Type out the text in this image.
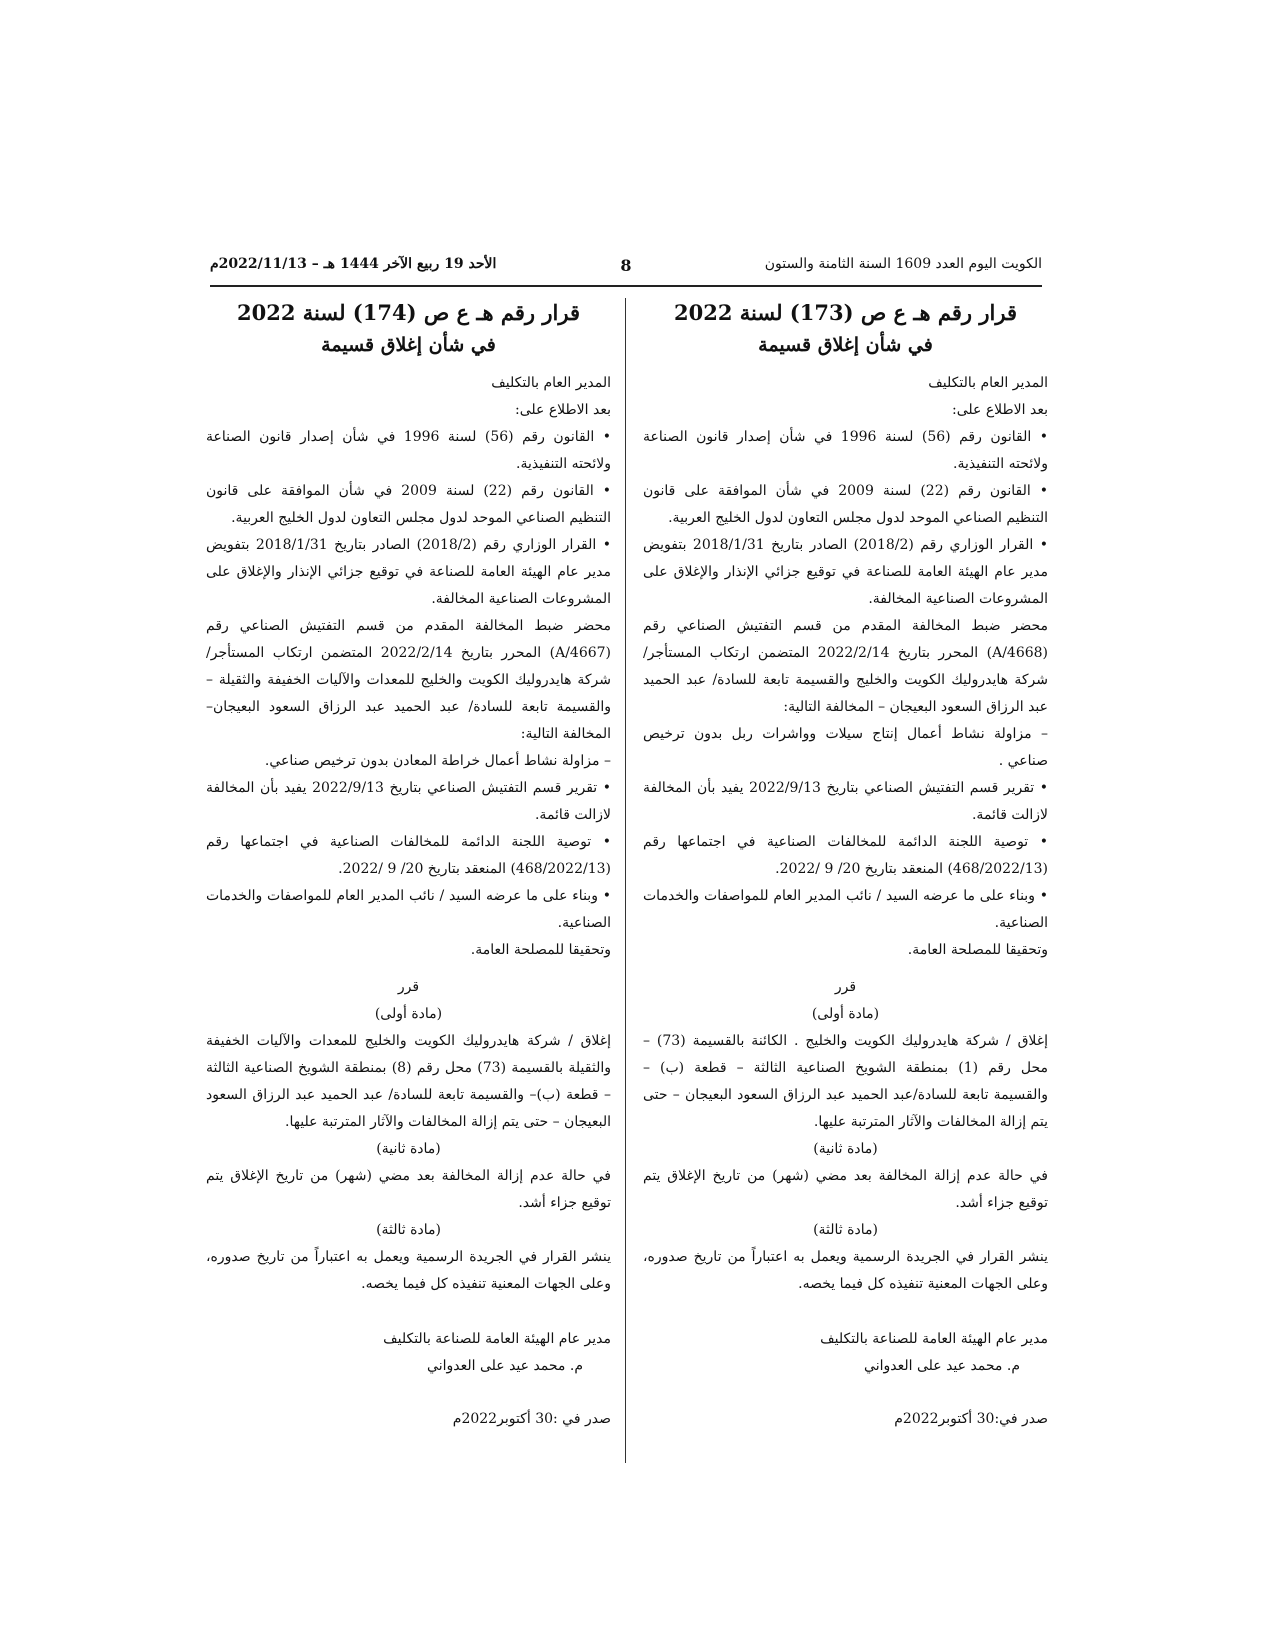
الكويت اليوم العدد 1609 السنة الثامنة والستون
8
الأحد 19 ربيع الآخر 1444 هـ – 2022/11/13م
قرار رقم هـ ع ص (173) لسنة 2022
في شأن إغلاق قسيمة

المدير العام بالتكليف

بعد الاطلاع على:

• القانون رقم (56) لسنة 1996 في شأن إصدار قانون الصناعة ولائحته التنفيذية.

• القانون رقم (22) لسنة 2009 في شأن الموافقة على قانون التنظيم الصناعي الموحد لدول مجلس التعاون لدول الخليج العربية.

• القرار الوزاري رقم (2018/2) الصادر بتاريخ 2018/1/31 بتفويض مدير عام الهيئة العامة للصناعة في توقيع جزائي الإنذار والإغلاق على المشروعات الصناعية المخالفة.

محضر ضبط المخالفة المقدم من قسم التفتيش الصناعي رقم (A/4668) المحرر بتاريخ 2022/2/14 المتضمن ارتكاب المستأجر/ شركة هايدروليك الكويت والخليج والقسيمة تابعة للسادة/ عبد الحميد عبد الرزاق السعود البعيجان – المخالفة التالية:

– مزاولة نشاط أعمال إنتاج سيلات وواشرات ربل بدون ترخيص صناعي .

• تقرير قسم التفتيش الصناعي بتاريخ 2022/9/13 يفيد بأن المخالفة لازالت قائمة.

• توصية اللجنة الدائمة للمخالفات الصناعية في اجتماعها رقم (468/2022/13) المنعقد بتاريخ 20/ 9 /2022.

• وبناء على ما عرضه السيد / نائب المدير العام للمواصفات والخدمات الصناعية.

وتحقيقا للمصلحة العامة.

قرر

(مادة أولى)

إغلاق / شركة هايدروليك الكويت والخليج . الكائنة بالقسيمة (73) – محل رقم (1) بمنطقة الشويخ الصناعية الثالثة – قطعة (ب) – والقسيمة تابعة للسادة/عبد الحميد عبد الرزاق السعود البعيجان – حتى يتم إزالة المخالفات والآثار المترتبة عليها.

(مادة ثانية)

في حالة عدم إزالة المخالفة بعد مضي (شهر) من تاريخ الإغلاق يتم توقيع جزاء أشد.

(مادة ثالثة)

ينشر القرار في الجريدة الرسمية ويعمل به اعتباراً من تاريخ صدوره، وعلى الجهات المعنية تنفيذه كل فيما يخصه.

مدير عام الهيئة العامة للصناعة بالتكليف

م. محمد عيد على العدواني

صدر في:30 أكتوبر2022م

قرار رقم هـ ع ص (174) لسنة 2022
في شأن إغلاق قسيمة

المدير العام بالتكليف

بعد الاطلاع على:

• القانون رقم (56) لسنة 1996 في شأن إصدار قانون الصناعة ولائحته التنفيذية.

• القانون رقم (22) لسنة 2009 في شأن الموافقة على قانون التنظيم الصناعي الموحد لدول مجلس التعاون لدول الخليج العربية.

• القرار الوزاري رقم (2018/2) الصادر بتاريخ 2018/1/31 بتفويض مدير عام الهيئة العامة للصناعة في توقيع جزائي الإنذار والإغلاق على المشروعات الصناعية المخالفة.

محضر ضبط المخالفة المقدم من قسم التفتيش الصناعي رقم (A/4667) المحرر بتاريخ 2022/2/14 المتضمن ارتكاب المستأجر/ شركة هايدروليك الكويت والخليج للمعدات والآليات الخفيفة والثقيلة – والقسيمة تابعة للسادة/ عبد الحميد عبد الرزاق السعود البعيجان– المخالفة التالية:

– مزاولة نشاط أعمال خراطة المعادن بدون ترخيص صناعي.

• تقرير قسم التفتيش الصناعي بتاريخ 2022/9/13 يفيد بأن المخالفة لازالت قائمة.

• توصية اللجنة الدائمة للمخالفات الصناعية في اجتماعها رقم (468/2022/13) المنعقد بتاريخ 20/ 9 /2022.

• وبناء على ما عرضه السيد / نائب المدير العام للمواصفات والخدمات الصناعية.

وتحقيقا للمصلحة العامة.

قرر

(مادة أولى)

إغلاق / شركة هايدروليك الكويت والخليج للمعدات والآليات الخفيفة والثقيلة بالقسيمة (73) محل رقم (8) بمنطقة الشويخ الصناعية الثالثة – قطعة (ب)– والقسيمة تابعة للسادة/ عبد الحميد عبد الرزاق السعود البعيجان – حتى يتم إزالة المخالفات والآثار المترتبة عليها.

(مادة ثانية)

في حالة عدم إزالة المخالفة بعد مضي (شهر) من تاريخ الإغلاق يتم توقيع جزاء أشد.

(مادة ثالثة)

ينشر القرار في الجريدة الرسمية ويعمل به اعتباراً من تاريخ صدوره، وعلى الجهات المعنية تنفيذه كل فيما يخصه.

مدير عام الهيئة العامة للصناعة بالتكليف

م. محمد عيد على العدواني

صدر في :30 أكتوبر2022م
